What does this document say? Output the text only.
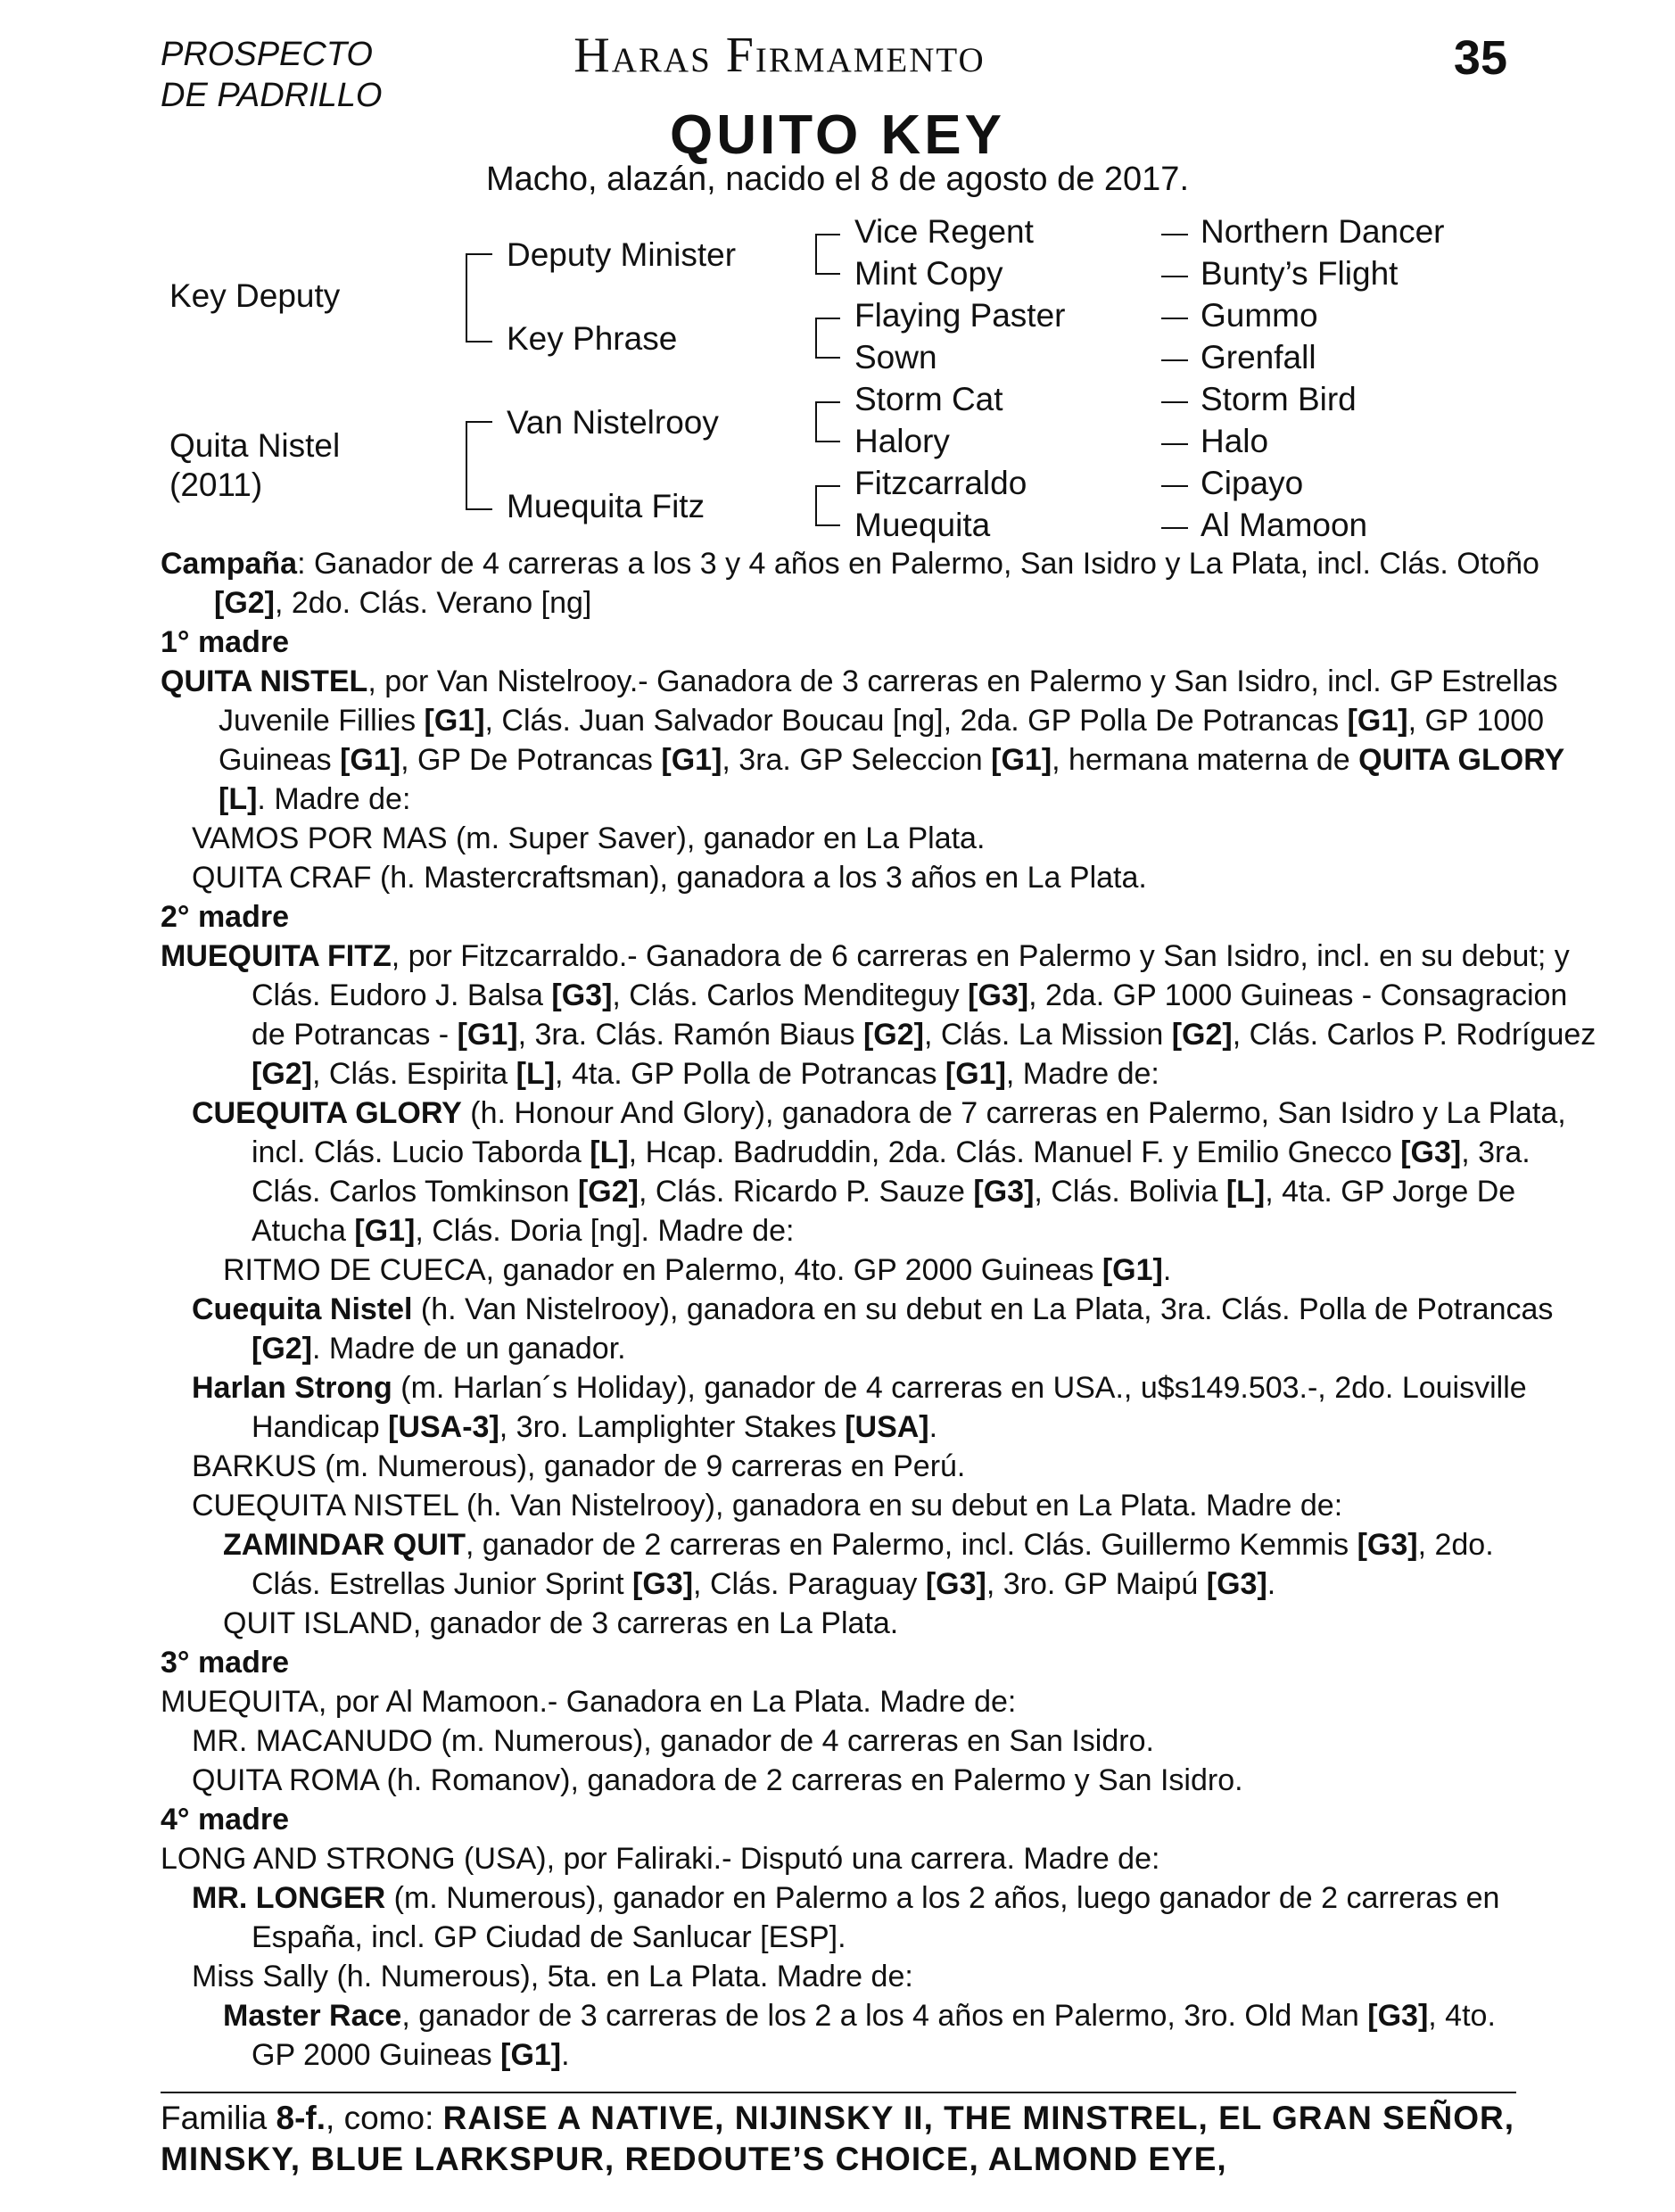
PROSPECTO
DE PADRILLO
Haras Firmamento	35
QUITO KEY
Macho, alazán, nacido el 8 de agosto de 2017.
Key Deputy
Quita Nistel
(2011)
Deputy Minister
Key Phrase
Van Nistelrooy
Muequita Fitz
Vice Regent
Mint Copy
Flaying Paster
Sown
Storm Cat
Halory
Fitzcarraldo
Muequita
Northern Dancer
Bunty’s Flight
Gummo
Grenfall
Storm Bird
Halo
Cipayo
Al Mamoon

Campaña: Ganador de 4 carreras a los 3 y 4 años en Palermo, San Isidro y La Plata, incl. Clás. Otoño [G2], 2do. Clás. Verano [ng]

1° madre

QUITA NISTEL, por Van Nistelrooy.- Ganadora de 3 carreras en Palermo y San Isidro, incl. GP Estrellas Juvenile Fillies [G1], Clás. Juan Salvador Boucau [ng], 2da. GP Polla De Potrancas [G1], GP 1000 Guineas [G1], GP De Potrancas [G1], 3ra. GP Seleccion [G1], hermana materna de QUITA GLORY [L]. Madre de:

VAMOS POR MAS (m. Super Saver), ganador en La Plata.

QUITA CRAF (h. Mastercraftsman), ganadora a los 3 años en La Plata.

2° madre

MUEQUITA FITZ, por Fitzcarraldo.- Ganadora de 6 carreras en Palermo y San Isidro, incl. en su debut; y Clás. Eudoro J. Balsa [G3], Clás. Carlos Menditeguy [G3], 2da. GP 1000 Guineas - Consagracion de Potrancas - [G1], 3ra. Clás. Ramón Biaus [G2], Clás. La Mission [G2], Clás. Carlos P. Rodríguez [G2], Clás. Espirita [L], 4ta. GP Polla de Potrancas [G1], Madre de:

CUEQUITA GLORY (h. Honour And Glory), ganadora de 7 carreras en Palermo, San Isidro y La Plata, incl. Clás. Lucio Taborda [L], Hcap. Badruddin, 2da. Clás. Manuel F. y Emilio Gnecco [G3], 3ra. Clás. Carlos Tomkinson [G2], Clás. Ricardo P. Sauze [G3], Clás. Bolivia [L], 4ta. GP Jorge De Atucha [G1], Clás. Doria [ng]. Madre de:

RITMO DE CUECA, ganador en Palermo, 4to. GP 2000 Guineas [G1].

Cuequita Nistel (h. Van Nistelrooy), ganadora en su debut en La Plata, 3ra. Clás. Polla de Potrancas [G2]. Madre de un ganador.

Harlan Strong (m. Harlan´s Holiday), ganador de 4 carreras en USA., u$s149.503.-, 2do. Louisville Handicap [USA-3], 3ro. Lamplighter Stakes [USA].

BARKUS (m. Numerous), ganador de 9 carreras en Perú.

CUEQUITA NISTEL (h. Van Nistelrooy), ganadora en su debut en La Plata. Madre de:

ZAMINDAR QUIT, ganador de 2 carreras en Palermo, incl. Clás. Guillermo Kemmis [G3], 2do. Clás. Estrellas Junior Sprint [G3], Clás. Paraguay [G3], 3ro. GP Maipú [G3].

QUIT ISLAND, ganador de 3 carreras en La Plata.

3° madre

MUEQUITA, por Al Mamoon.- Ganadora en La Plata. Madre de:

MR. MACANUDO (m. Numerous), ganador de 4 carreras en San Isidro.

QUITA ROMA (h. Romanov), ganadora de 2 carreras en Palermo y San Isidro.

4° madre

LONG AND STRONG (USA), por Faliraki.- Disputó una carrera. Madre de:

MR. LONGER (m. Numerous), ganador en Palermo a los 2 años, luego ganador de 2 carreras en España, incl. GP Ciudad de Sanlucar [ESP].

Miss Sally (h. Numerous), 5ta. en La Plata. Madre de:

Master Race, ganador de 3 carreras de los 2 a los 4 años en Palermo, 3ro. Old Man [G3], 4to. GP 2000 Guineas [G1].

Familia 8-f., como: RAISE A NATIVE, NIJINSKY II, THE MINSTREL, EL GRAN SEÑOR, MINSKY, BLUE LARKSPUR, REDOUTE’S CHOICE, ALMOND EYE,
